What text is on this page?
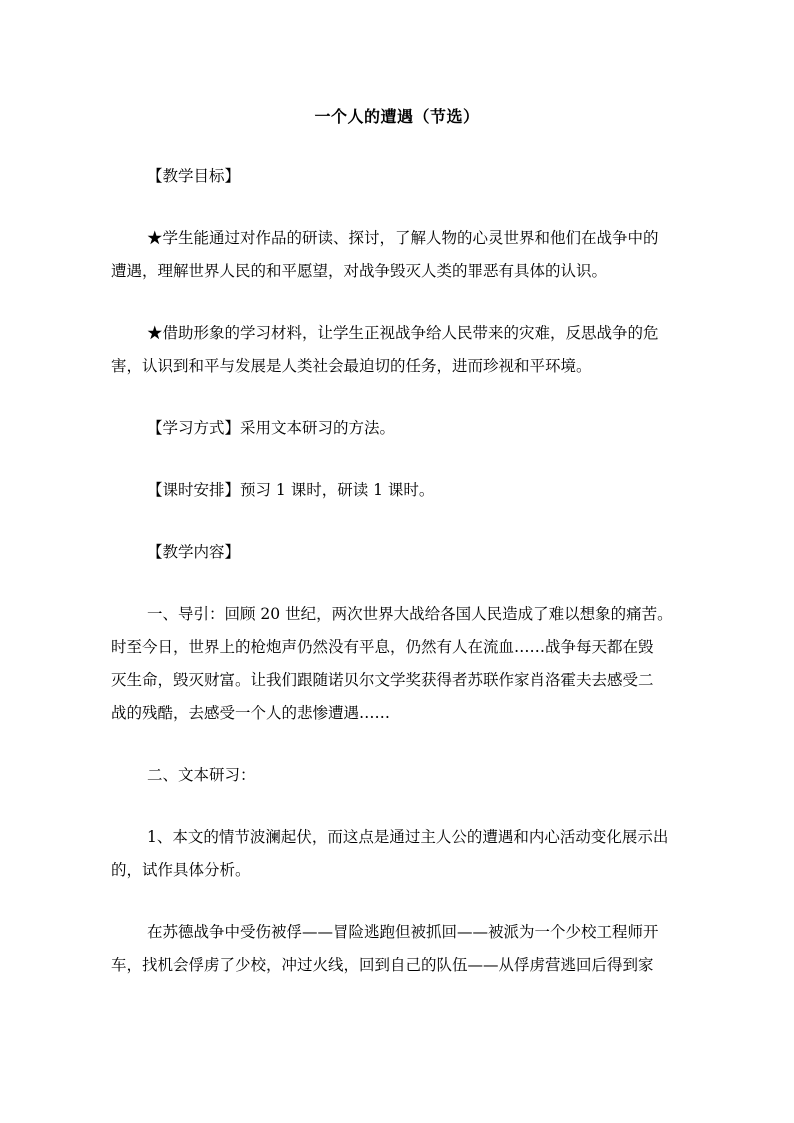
一个人的遭遇（节选）

【教学目标】

★学生能通过对作品的研读、探讨，了解人物的心灵世界和他们在战争中的
遭遇，理解世界人民的和平愿望，对战争毁灭人类的罪恶有具体的认识。

★借助形象的学习材料，让学生正视战争给人民带来的灾难，反思战争的危
害，认识到和平与发展是人类社会最迫切的任务，进而珍视和平环境。

【学习方式】采用文本研习的方法。

【课时安排】预习 1 课时，研读 1 课时。

【教学内容】

一、导引：回顾 20 世纪，两次世界大战给各国人民造成了难以想象的痛苦。
时至今日，世界上的枪炮声仍然没有平息，仍然有人在流血……战争每天都在毁
灭生命，毁灭财富。让我们跟随诺贝尔文学奖获得者苏联作家肖洛霍夫去感受二
战的残酷，去感受一个人的悲惨遭遇……

二、文本研习：

1、本文的情节波澜起伏，而这点是通过主人公的遭遇和内心活动变化展示出
的，试作具体分析。

在苏德战争中受伤被俘——冒险逃跑但被抓回——被派为一个少校工程师开
车，找机会俘虏了少校，冲过火线，回到自己的队伍——从俘虏营逃回后得到家
